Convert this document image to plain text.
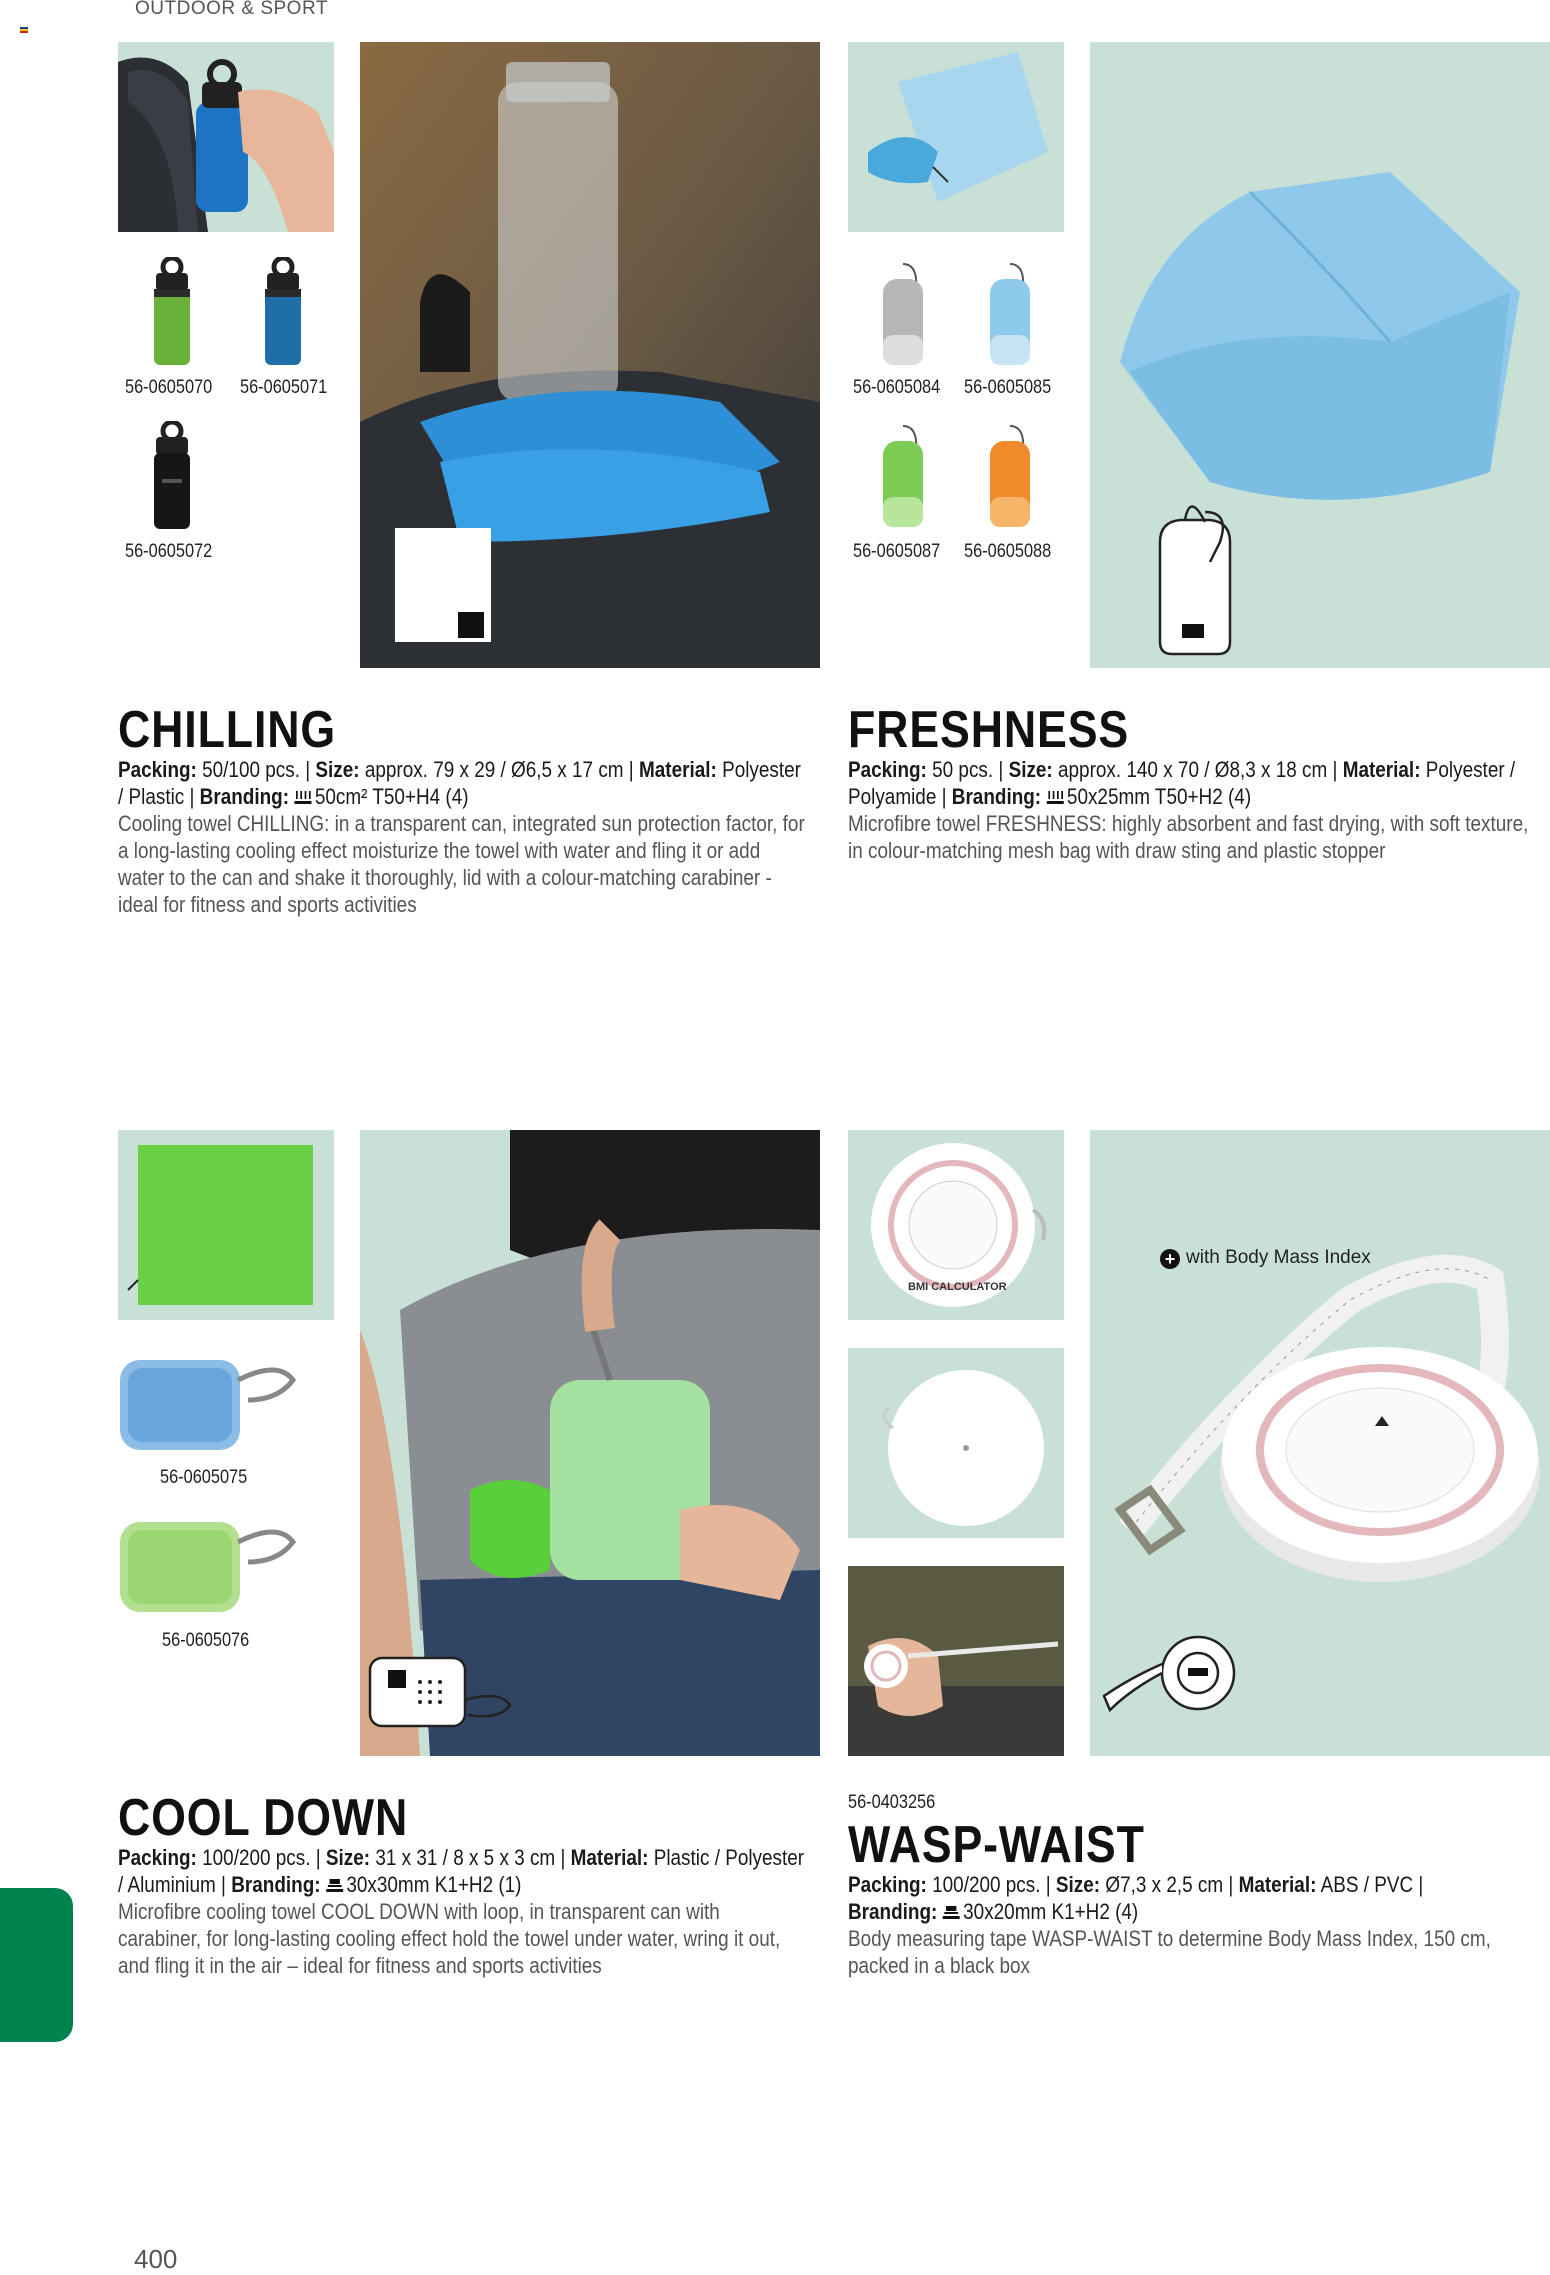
OUTDOOR & SPORT
56-0605070 56-0605071
56-0605072
CHILLING
Packing: 50/100 pcs. | Size: approx. 79 x 29 / Ø6,5 x 17 cm | Material: Polyester / Plastic | Branding: 50cm² T50+H4 (4)
Cooling towel CHILLING: in a transparent can, integrated sun protection factor, for a long-lasting cooling effect moisturize the towel with water and fling it or add water to the can and shake it thoroughly, lid with a colour-matching carabiner - ideal for fitness and sports activities
56-0605084 56-0605085
56-0605087 56-0605088
FRESHNESS
Packing: 50 pcs. | Size: approx. 140 x 70 / Ø8,3 x 18 cm | Material: Polyester / Polyamide | Branding: 50x25mm T50+H2 (4)
Microfibre towel FRESHNESS: highly absorbent and fast drying, with soft texture, in colour-matching mesh bag with draw sting and plastic stopper
56-0605075
56-0605076
COOL DOWN
Packing: 100/200 pcs. | Size: 31 x 31 / 8 x 5 x 3 cm | Material: Plastic / Polyester / Aluminium | Branding: 30x30mm K1+H2 (1)
Microfibre cooling towel COOL DOWN with loop, in transparent can with carabiner, for long-lasting cooling effect hold the towel under water, wring it out, and fling it in the air – ideal for fitness and sports activities
BMI CALCULATOR
+ with Body Mass Index
56-0403256
WASP-WAIST
Packing: 100/200 pcs. | Size: Ø7,3 x 2,5 cm | Material: ABS / PVC |
Branding: 30x20mm K1+H2 (4)
Body measuring tape WASP-WAIST to determine Body Mass Index, 150 cm, packed in a black box
400
